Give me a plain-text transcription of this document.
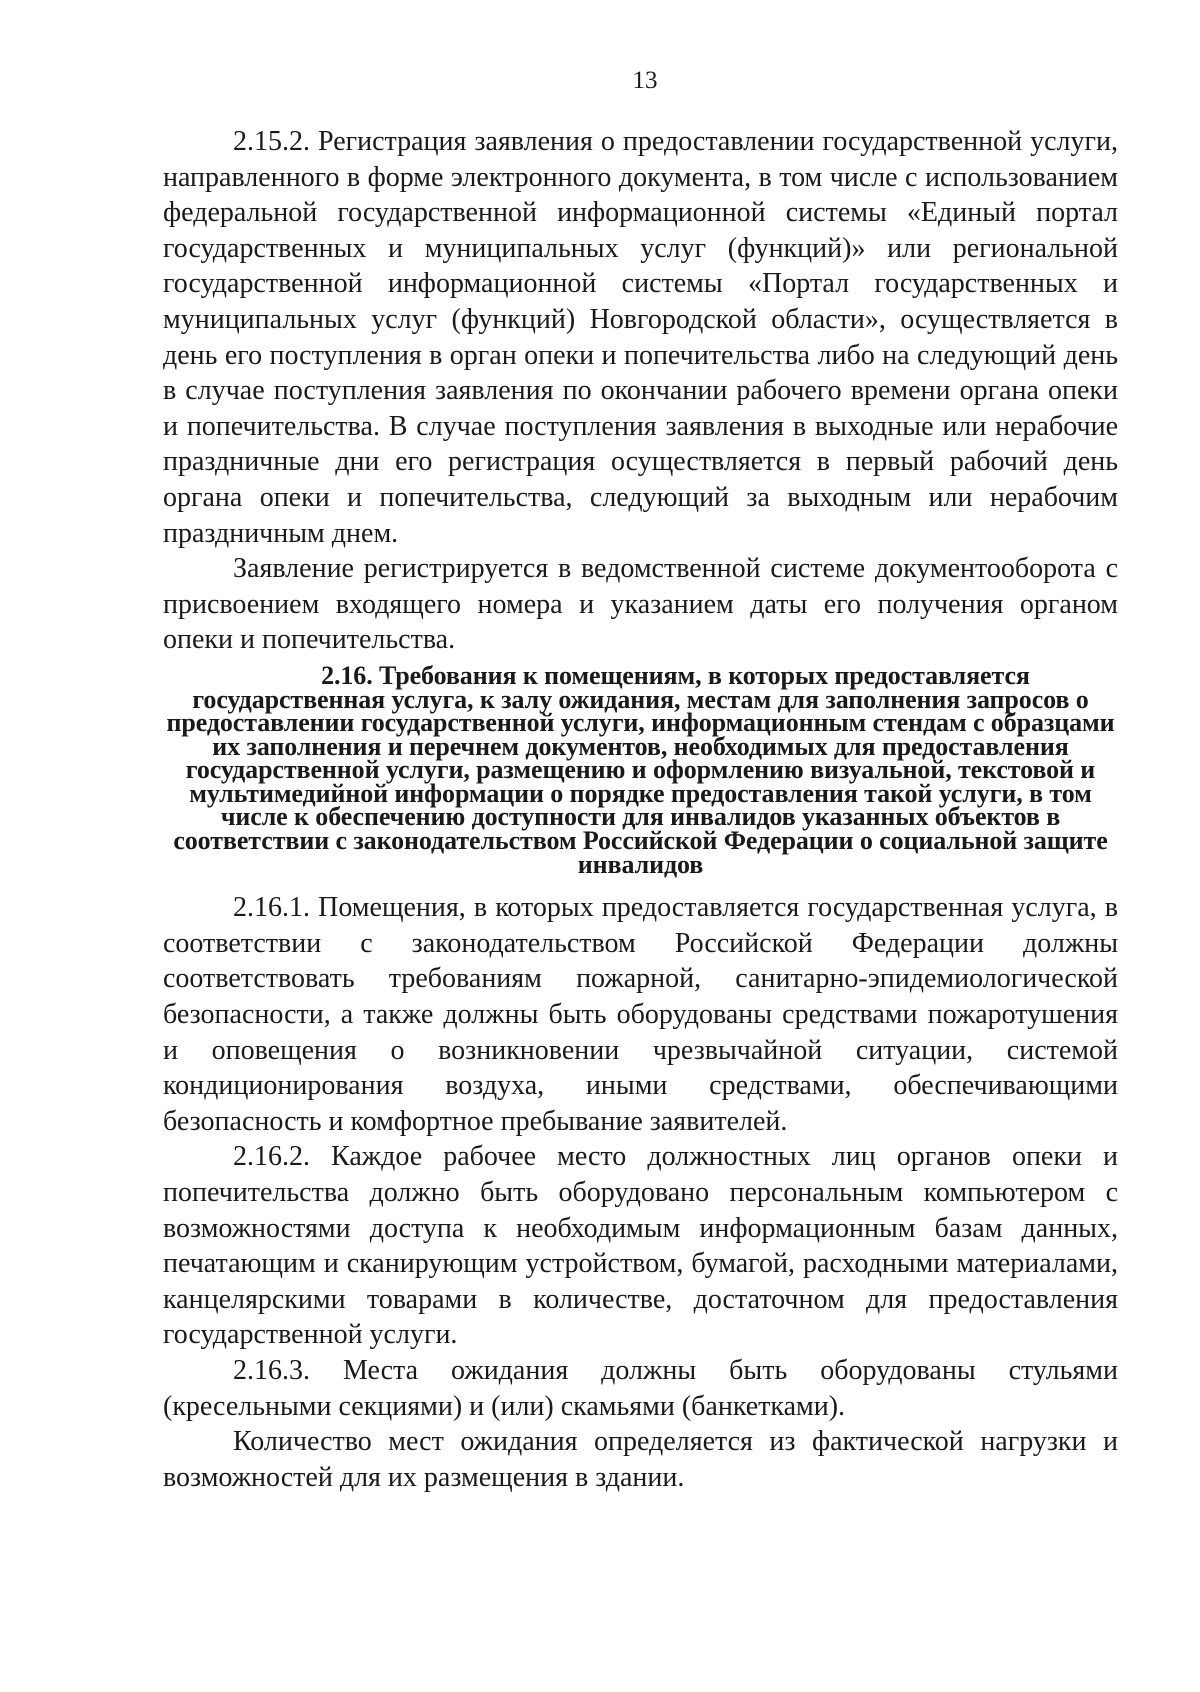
13

2.15.2. Регистрация заявления о предоставлении государственной услуги, направленного в форме электронного документа, в том числе с использованием федеральной государственной информационной системы «Единый портал государственных и муниципальных услуг (функций)» или региональной государственной информационной системы «Портал государственных и муниципальных услуг (функций) Новгородской области», осуществляется в день его поступления в орган опеки и попечительства либо на следующий день в случае поступления заявления по окончании рабочего времени органа опеки и попечительства. В случае поступления заявления в выходные или нерабочие праздничные дни его регистрация осуществляется в первый рабочий день органа опеки и попечительства, следующий за выходным или нерабочим праздничным днем.

Заявление регистрируется в ведомственной системе документооборота с присвоением входящего номера и указанием даты его получения органом опеки и попечительства.

2.16. Требования к помещениям, в которых предоставляется государственная услуга, к залу ожидания, местам для заполнения запросов о предоставлении государственной услуги, информационным стендам с образцами их заполнения и перечнем документов, необходимых для предоставления государственной услуги, размещению и оформлению визуальной, текстовой и мультимедийной информации о порядке предоставления такой услуги, в том числе к обеспечению доступности для инвалидов указанных объектов в соответствии с законодательством Российской Федерации о социальной защите инвалидов

2.16.1. Помещения, в которых предоставляется государственная услуга, в соответствии с законодательством Российской Федерации должны соответствовать требованиям пожарной, санитарно-эпидемиологической безопасности, а также должны быть оборудованы средствами пожаротушения и оповещения о возникновении чрезвычайной ситуации, системой кондиционирования воздуха, иными средствами, обеспечивающими безопасность и комфортное пребывание заявителей.

2.16.2. Каждое рабочее место должностных лиц органов опеки и попечительства должно быть оборудовано персональным компьютером с возможностями доступа к необходимым информационным базам данных, печатающим и сканирующим устройством, бумагой, расходными материалами, канцелярскими товарами в количестве, достаточном для предоставления государственной услуги.

2.16.3. Места ожидания должны быть оборудованы стульями (кресельными секциями) и (или) скамьями (банкетками).

Количество мест ожидания определяется из фактической нагрузки и возможностей для их размещения в здании.
